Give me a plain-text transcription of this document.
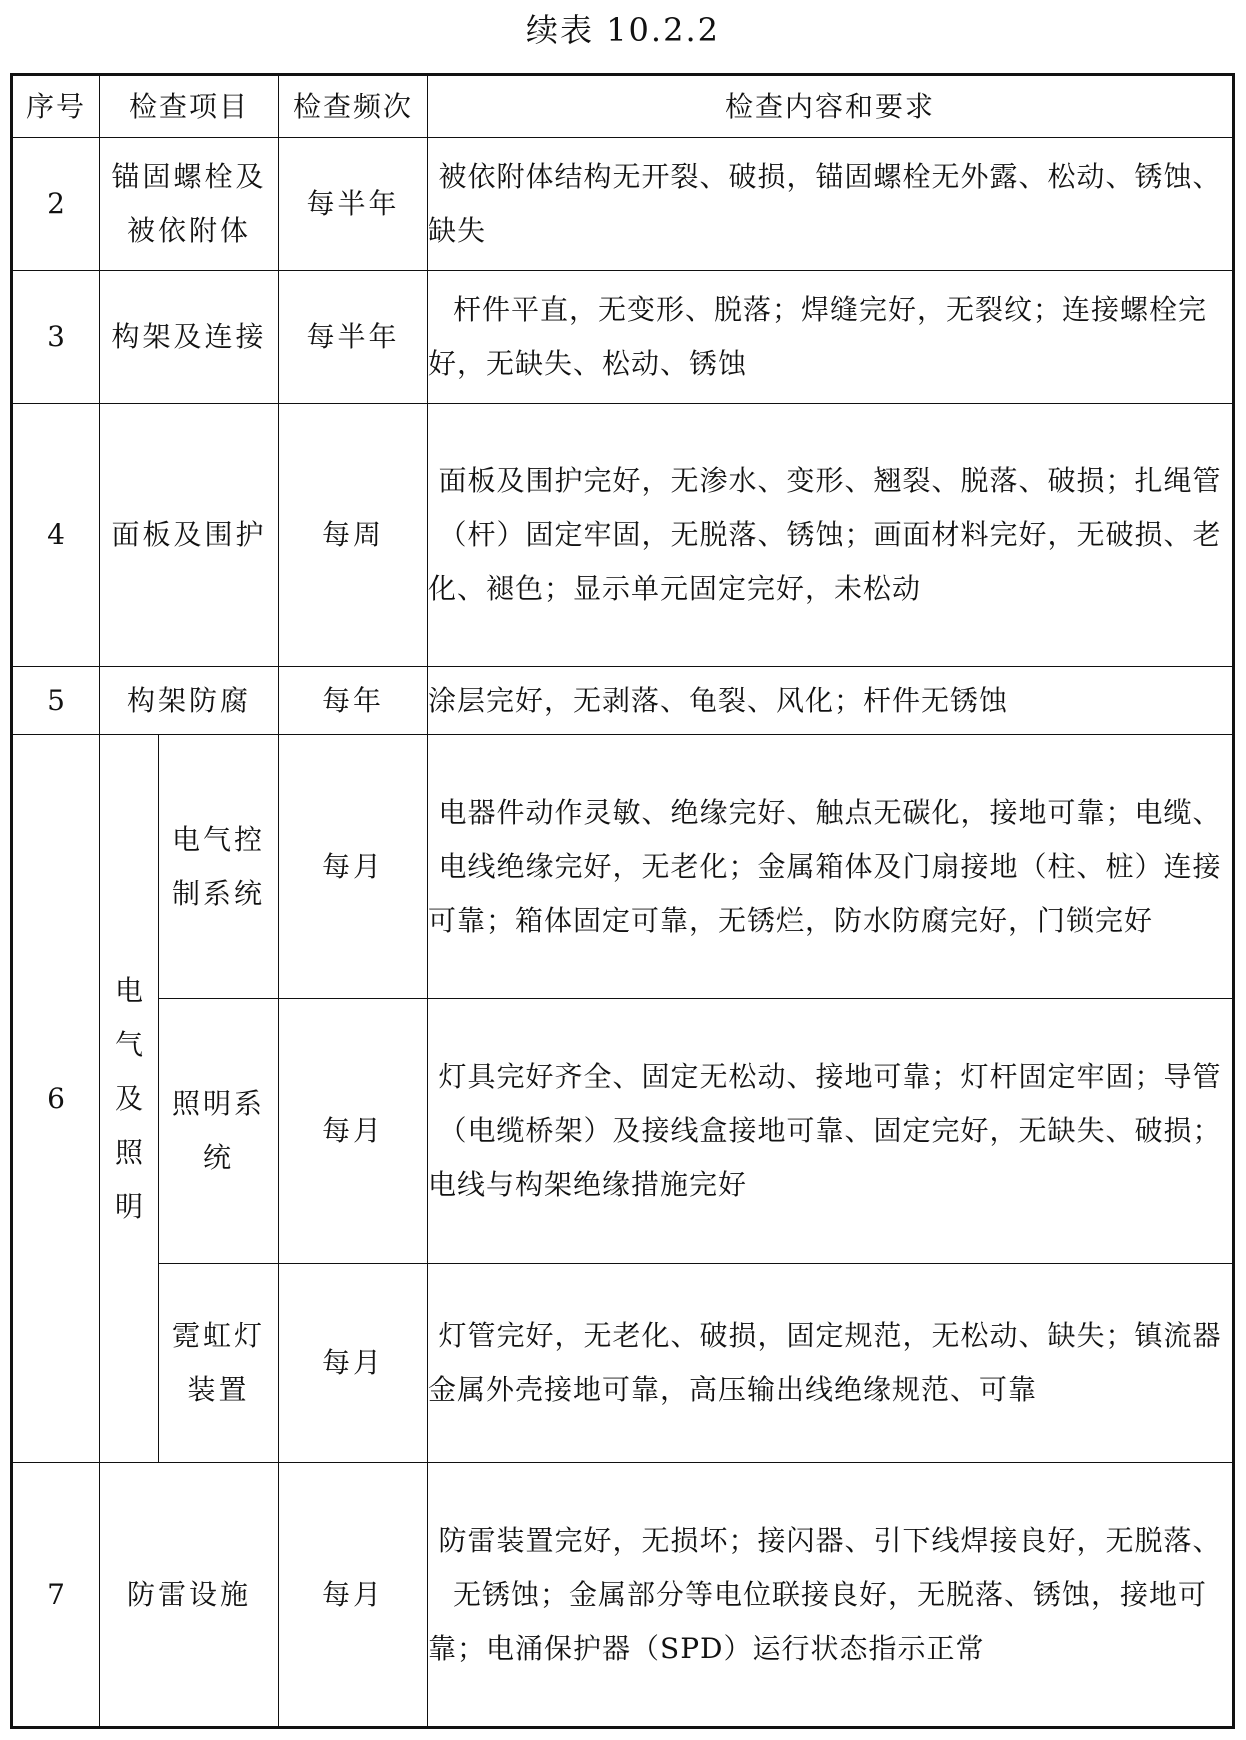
续表 10.2.2
序号	检查项目		检查频次	检查内容和要求
2	锚固螺栓及被依附体		每半年	被依附体结构无开裂、破损，锚固螺栓无外露、松动、锈蚀、缺失
3	构架及连接		每半年	杆件平直，无变形、脱落；焊缝完好，无裂纹；连接螺栓完好，无缺失、松动、锈蚀
4	面板及围护		每周	面板及围护完好，无渗水、变形、翘裂、脱落、破损；扎绳管（杆）固定牢固，无脱落、锈蚀；画面材料完好，无破损、老化、褪色；显示单元固定完好，未松动
5	构架防腐		每年	涂层完好，无剥落、龟裂、风化；杆件无锈蚀
6	电气及照明	电气控制系统	每月	电器件动作灵敏、绝缘完好、触点无碳化，接地可靠；电缆、电线绝缘完好，无老化；金属箱体及门扇接地（柱、桩）连接可靠；箱体固定可靠，无锈烂，防水防腐完好，门锁完好
		照明系统	每月	灯具完好齐全、固定无松动、接地可靠；灯杆固定牢固；导管（电缆桥架）及接线盒接地可靠、固定完好，无缺失、破损；电线与构架绝缘措施完好
		霓虹灯装置	每月	灯管完好，无老化、破损，固定规范，无松动、缺失；镇流器金属外壳接地可靠，高压输出线绝缘规范、可靠
7	防雷设施		每月	防雷装置完好，无损坏；接闪器、引下线焊接良好，无脱落、无锈蚀；金属部分等电位联接良好，无脱落、锈蚀，接地可靠；电涌保护器（SPD）运行状态指示正常
